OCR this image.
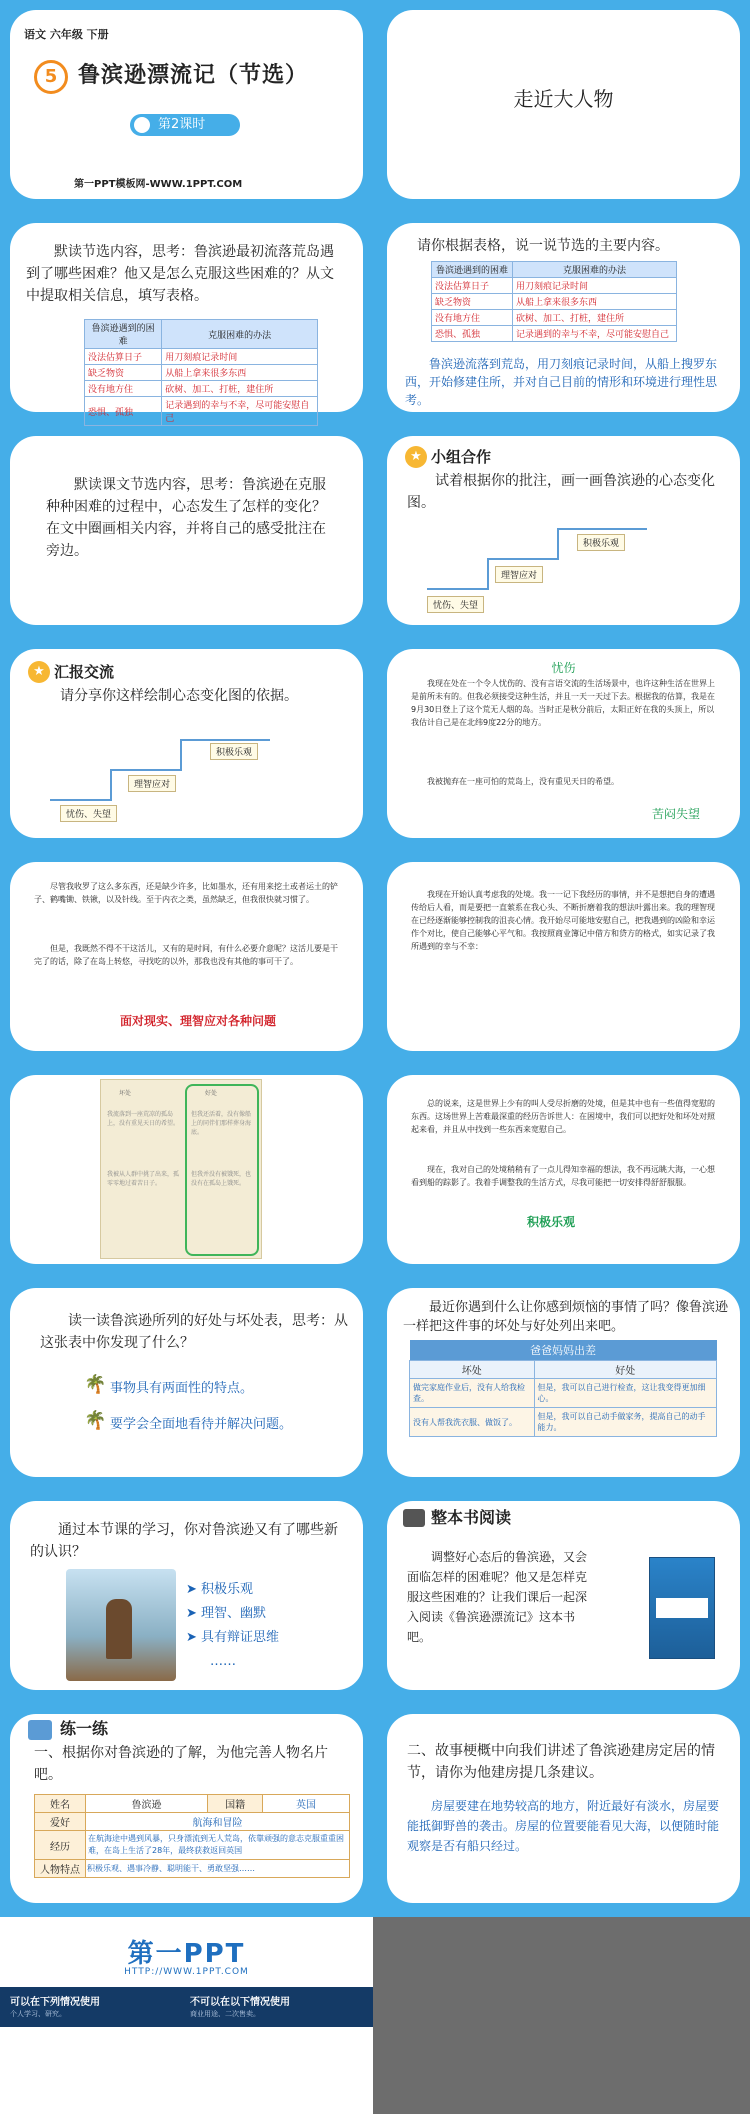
语文 六年级 下册
5 鲁滨逊漂流记（节选）
第2课时
第一PPT模板网-WWW.1PPT.COM
走近大人物
默读节选内容，思考：鲁滨逊最初流落荒岛遇到了哪些困难？他又是怎么克服这些困难的？从文中提取相关信息，填写表格。
鲁滨逊遇到的困难	克服困难的办法
没法估算日子	用刀刻痕记录时间
缺乏物资	从船上拿来很多东西
没有地方住	砍树、加工、打桩，建住所
恐惧、孤独	记录遇到的幸与不幸，尽可能安慰自己
请你根据表格，说一说节选的主要内容。
鲁滨逊遇到的困难	克服困难的办法
没法估算日子	用刀刻痕记录时间
缺乏物资	从船上拿来很多东西
没有地方住	砍树、加工、打桩，建住所
恐惧、孤独	记录遇到的幸与不幸，尽可能安慰自己
鲁滨逊流落到荒岛，用刀刻痕记录时间，从船上搜罗东西，开始修建住所，并对自己目前的情形和环境进行理性思考。
默读课文节选内容，思考：鲁滨逊在克服种种困难的过程中，心态发生了怎样的变化？在文中圈画相关内容，并将自己的感受批注在旁边。
★ 小组合作
试着根据你的批注，画一画鲁滨逊的心态变化图。
忧伤、失望
理智应对
积极乐观
★ 汇报交流
请分享你这样绘制心态变化图的依据。
忧伤、失望
理智应对
积极乐观
忧伤
我现在处在一个令人忧伤的、没有言语交流的生活场景中，也许这种生活在世界上是前所未有的。但我必须接受这种生活，并且一天一天过下去。根据我的估算，我是在 9月30日登上了这个荒无人烟的岛。当时正是秋分前后，太阳正好在我的头顶上，所以我估计自己是在北纬9度22分的地方。
我被抛弃在一座可怕的荒岛上，没有重见天日的希望。
苦闷失望
尽管我收罗了这么多东西，还是缺少许多，比如墨水，还有用来挖土或者运土的铲子、鹤嘴锄、铁锹，以及针线。至于内衣之类，虽然缺乏，但我很快就习惯了。
但是，我既然不得不干这活儿，又有的是时间，有什么必要介意呢？这活儿要是干完了的话，除了在岛上转悠，寻找吃的以外，那我也没有其他的事可干了。
面对现实、理智应对各种问题
我现在开始认真考虑我的处境。我一一记下我经历的事情，并不是想把自身的遭遇传给后人看，而是要把一直萦系在我心头、不断折磨着我的想法叶露出来。我的理智现在已经逐渐能够控制我的沮丧心情。我开始尽可能地安慰自己，把我遇到的凶险和幸运作个对比，使自己能够心平气和。我按照商业簿记中借方和贷方的格式，如实记录了我所遇到的幸与不幸：
坏处	好处
我流落到一座荒凉的孤岛上，没有重见天日的希望。
但我还活着，没有像船上的同伴们那样葬身海底。
我被从人群中挑了出来，孤零零地过着苦日子。
但我并没有被饿死，也没有在孤岛上饿死。
总的说来，这是世界上少有的叫人受尽折磨的处境，但是其中也有一些值得宽慰的东西。这场世界上苦难最深重的经历告诉世人：在困境中，我们可以把好处和坏处对照起来看，并且从中找到一些东西来宽慰自己。
现在，我对自己的处境稍稍有了一点儿得知幸福的想法，我不再远眺大海，一心想看到船的踪影了。我着手调整我的生活方式，尽我可能把一切安排得舒舒服服。
积极乐观
读一读鲁滨逊所列的好处与坏处表，思考：从这张表中你发现了什么？
🌴 事物具有两面性的特点。
🌴 要学会全面地看待并解决问题。
最近你遇到什么让你感到烦恼的事情了吗？像鲁滨逊一样把这件事的坏处与好处列出来吧。
爸爸妈妈出差	
坏处	好处
做完家庭作业后，没有人给我检查。	但是，我可以自己进行检查，这让我变得更加细心。
没有人帮我洗衣服、做饭了。	但是，我可以自己动手做家务，提高自己的动手能力。
通过本节课的学习，你对鲁滨逊又有了哪些新的认识？
➤ 积极乐观
➤ 理智、幽默
➤ 具有辩证思维
……
整本书阅读
调整好心态后的鲁滨逊，又会面临怎样的困难呢？他又是怎样克服这些困难的？让我们课后一起深入阅读《鲁滨逊漂流记》这本书吧。
练一练
一、根据你对鲁滨逊的了解，为他完善人物名片吧。
姓名	鲁滨逊	国籍	英国
爱好	航海和冒险		
经历	在航海途中遇到风暴，只身漂流到无人荒岛，依靠顽强的意志克服重重困难，在岛上生活了28年，最终获救返回英国		
人物特点	积极乐观、遇事冷静、聪明能干、勇敢坚强……		
二、故事梗概中向我们讲述了鲁滨逊建房定居的情节，请你为他建房提几条建议。
房屋要建在地势较高的地方，附近最好有淡水，房屋要能抵御野兽的袭击。房屋的位置要能看见大海，以便随时能观察是否有船只经过。
第一PPT
HTTP://WWW.1PPT.COM
可以在下列情况使用
个人学习、研究。
不可以在以下情况使用
商业用途、二次售卖。
